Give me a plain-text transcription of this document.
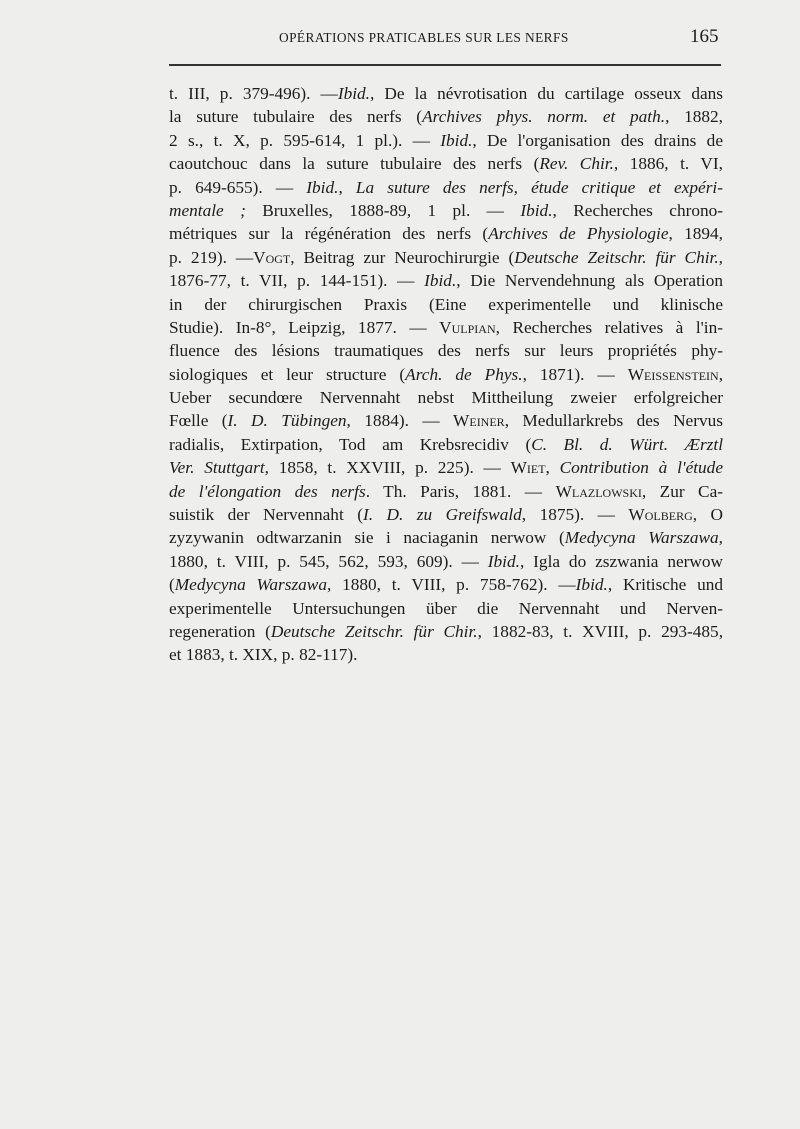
OPÉRATIONS PRATICABLES SUR LES NERFS	165
t. III, p. 379-496). —Ibid., De la névrotisation du cartilage osseux dans
la suture tubulaire des nerfs (Archives phys. norm. et path., 1882,
2 s., t. X, p. 595-614, 1 pl.). — Ibid., De l'organisation des drains de
caoutchouc dans la suture tubulaire des nerfs (Rev. Chir., 1886, t. VI,
p. 649-655). — Ibid., La suture des nerfs, étude critique et expéri-
mentale ; Bruxelles, 1888-89, 1 pl. — Ibid., Recherches chrono-
métriques sur la régénération des nerfs (Archives de Physiologie, 1894,
p. 219). —Vogt, Beitrag zur Neurochirurgie (Deutsche Zeitschr. für Chir.,
1876-77, t. VII, p. 144-151). — Ibid., Die Nervendehnung als Operation
in der chirurgischen Praxis (Eine experimentelle und klinische
Studie). In-8°, Leipzig, 1877. — Vulpian, Recherches relatives à l'in-
fluence des lésions traumatiques des nerfs sur leurs propriétés phy-
siologiques et leur structure (Arch. de Phys., 1871). — Weissenstein,
Ueber secundœre Nervennaht nebst Mittheilung zweier erfolgreicher
Fœlle (I. D. Tübingen, 1884). — Weiner, Medullarkrebs des Nervus
radialis, Extirpation, Tod am Krebsrecidiv (C. Bl. d. Würt. Ærztl
Ver. Stuttgart, 1858, t. XXVIII, p. 225). — Wiet, Contribution à l'étude
de l'élongation des nerfs. Th. Paris, 1881. — Wlazlowski, Zur Ca-
suistik der Nervennaht (I. D. zu Greifswald, 1875). — Wolberg, O
zyzywanin odtwarzanin sie i naciaganin nerwow (Medycyna Warszawa,
1880, t. VIII, p. 545, 562, 593, 609). — Ibid., Igla do zszwania nerwow
(Medycyna Warszawa, 1880, t. VIII, p. 758-762). —Ibid., Kritische und
experimentelle Untersuchungen über die Nervennaht und Nerven-
regeneration (Deutsche Zeitschr. für Chir., 1882-83, t. XVIII, p. 293-485,
et 1883, t. XIX, p. 82-117).
